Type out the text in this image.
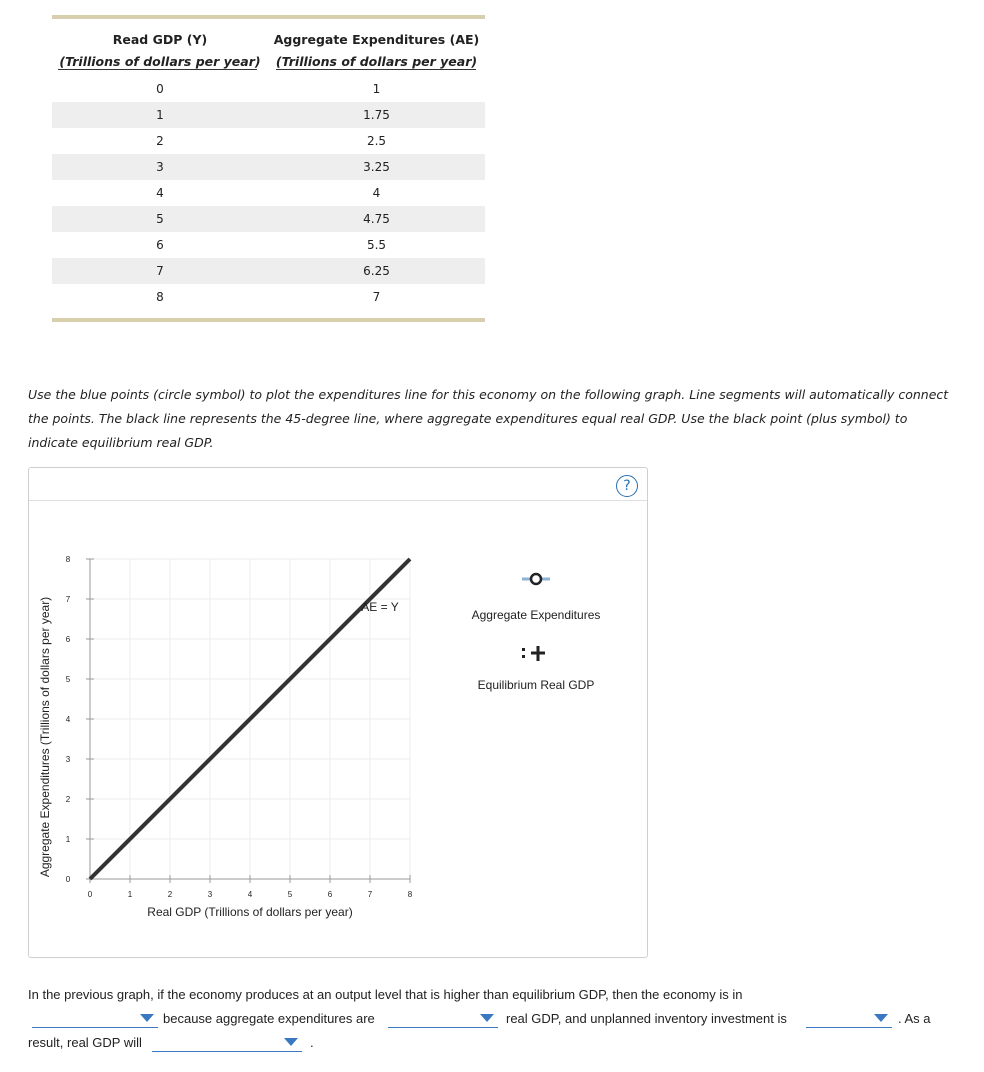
Read GDP (Y)
(Trillions of dollars per year)
Aggregate Expenditures (AE)
(Trillions of dollars per year)
0	1
1	1.75
2	2.5
3	3.25
4	4
5	4.75
6	5.5
7	6.25
8	7
Use the blue points (circle symbol) to plot the expenditures line for this economy on the following graph. Line segments will automatically connect the points. The black line represents the 45-degree line, where aggregate expenditures equal real GDP. Use the black point (plus symbol) to indicate equilibrium real GDP.
?
0	1	2	3	4	5	6	7	8
0
1
2
3
4
5
6
7
8
Real GDP (Trillions of dollars per year)
Aggregate Expenditures (Trillions of dollars per year)	AE = Y
Aggregate Expenditures
Equilibrium Real GDP
In the previous graph, if the economy produces at an output level that is higher than equilibrium GDP, then the economy is in
because aggregate expenditures are	real GDP, and unplanned inventory investment is	. As a
result, real GDP will	.
